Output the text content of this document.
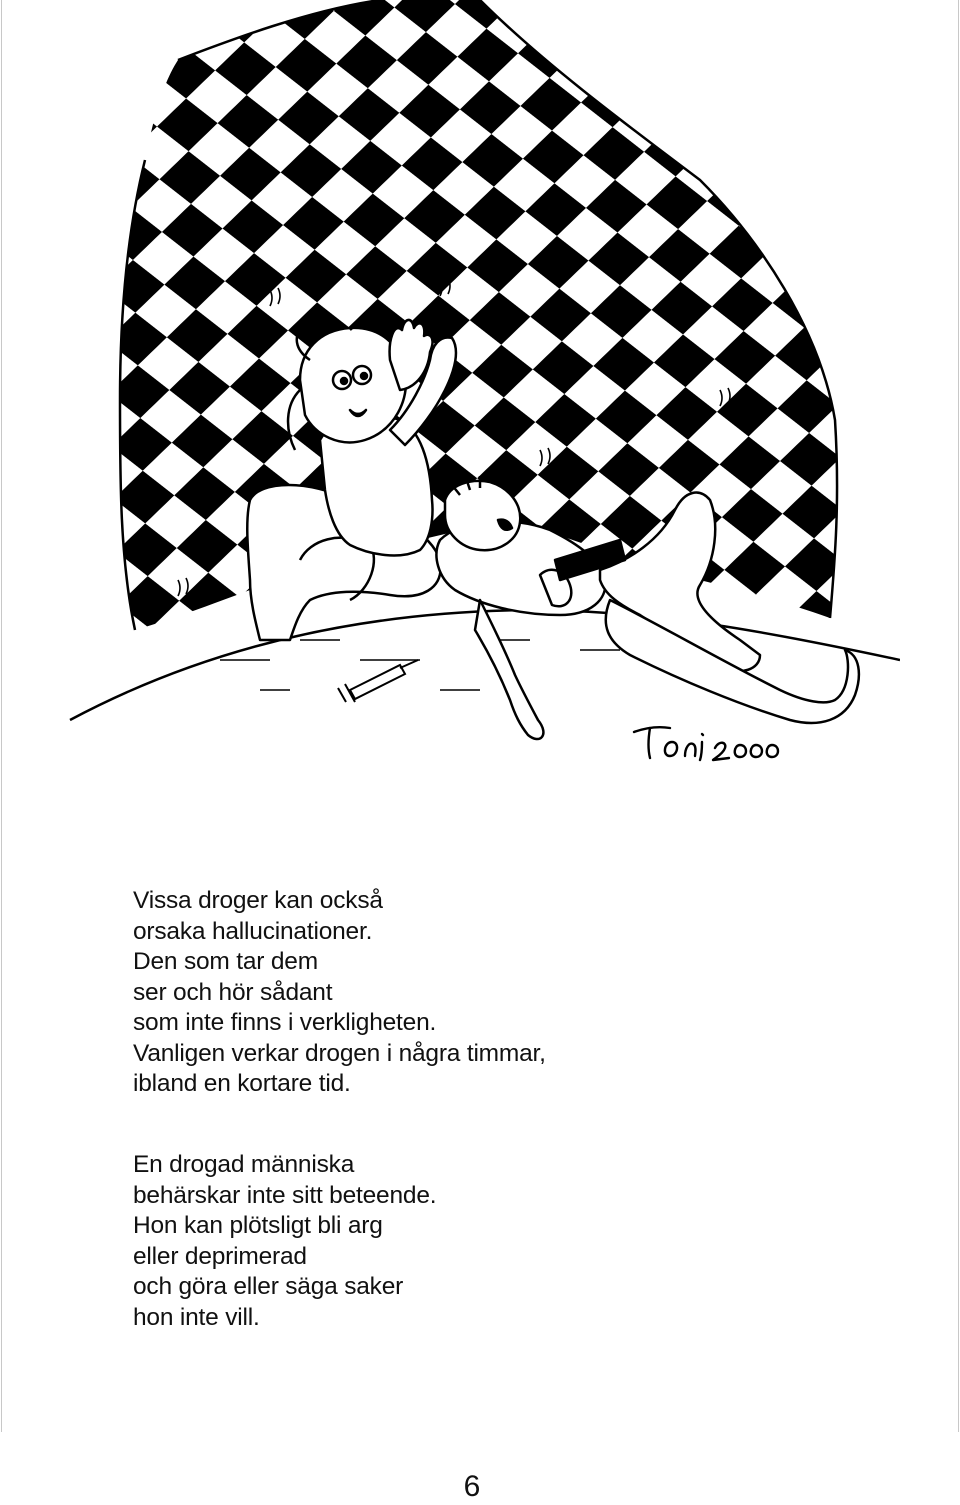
Vissa droger kan också
orsaka hallucinationer.
Den som tar dem
ser och hör sådant
som inte finns i verkligheten.
Vanligen verkar drogen i några timmar,
ibland en kortare tid.
En drogad människa
behärskar inte sitt beteende.
Hon kan plötsligt bli arg
eller deprimerad
och göra eller säga saker
hon inte vill.
6
